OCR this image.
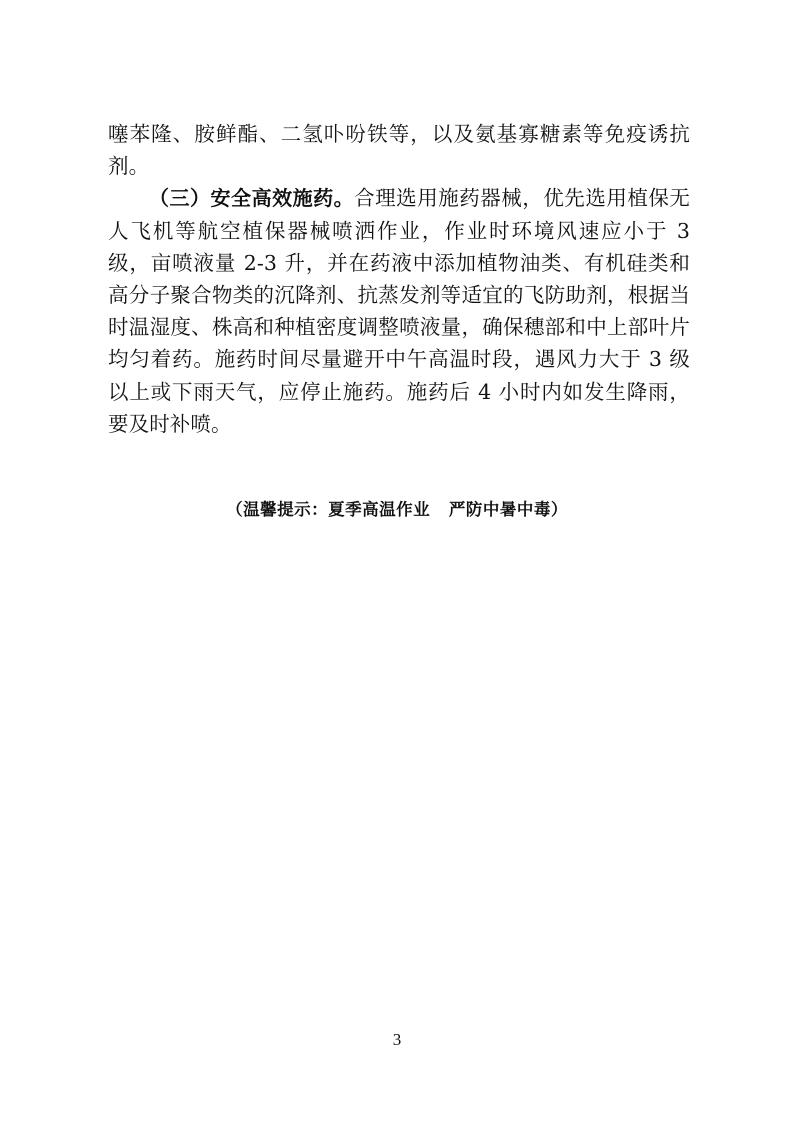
噻苯隆、胺鲜酯、二氢卟吩铁等，以及氨基寡糖素等免疫诱抗剂。

（三）安全高效施药。合理选用施药器械，优先选用植保无人飞机等航空植保器械喷洒作业，作业时环境风速应小于 3 级，亩喷液量 2-3 升，并在药液中添加植物油类、有机硅类和高分子聚合物类的沉降剂、抗蒸发剂等适宜的飞防助剂，根据当时温湿度、株高和种植密度调整喷液量，确保穗部和中上部叶片均匀着药。施药时间尽量避开中午高温时段，遇风力大于 3 级以上或下雨天气，应停止施药。施药后 4 小时内如发生降雨，要及时补喷。

（温馨提示：夏季高温作业   严防中暑中毒）
3
